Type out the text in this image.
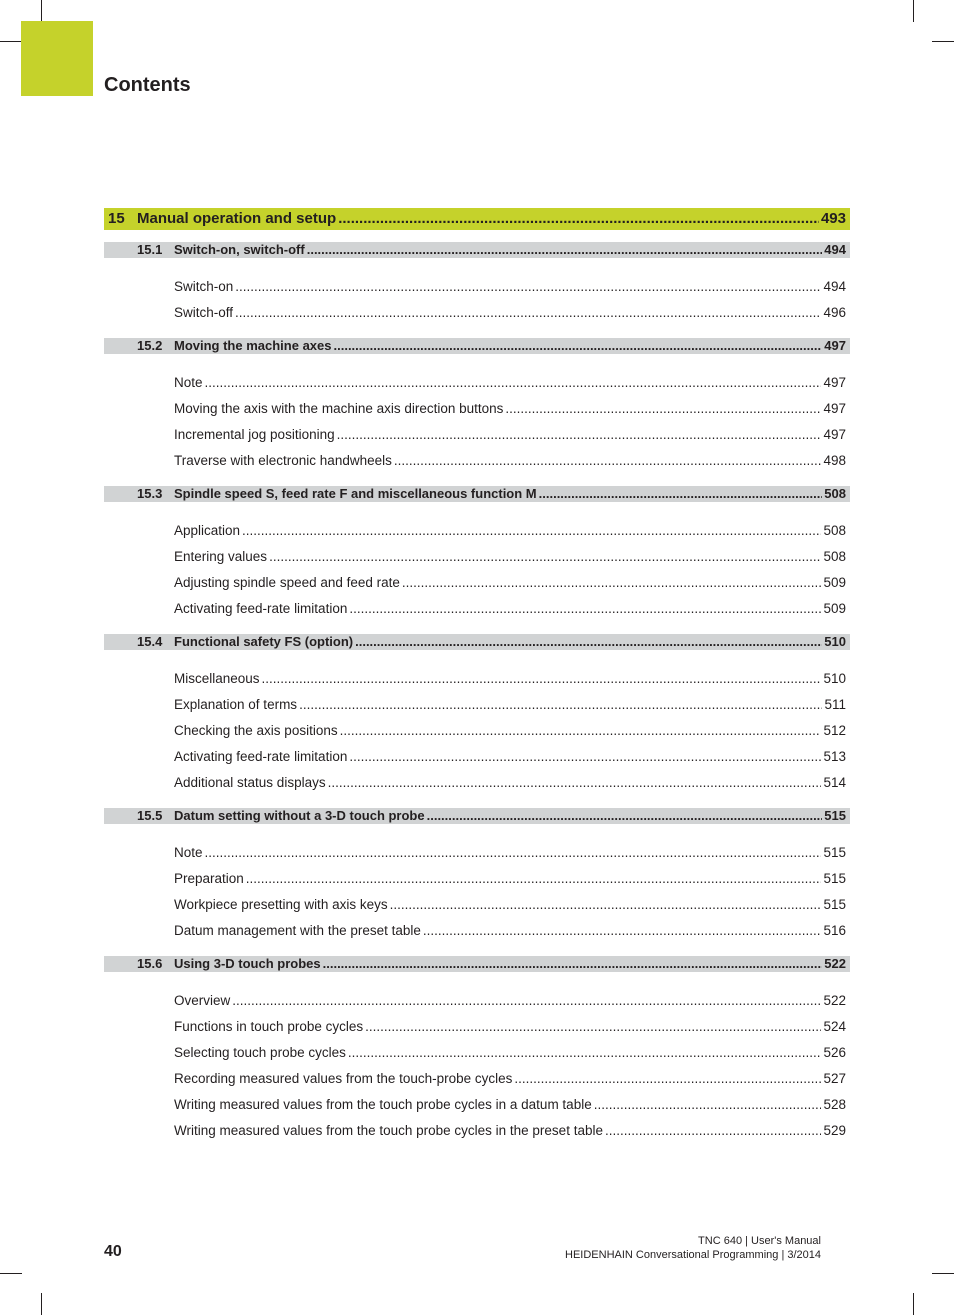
Contents
15 Manual operation and setup .....	493
15.1 Switch-on, switch-off .....	494
Switch-on .....	494
Switch-off .....	496
15.2 Moving the machine axes .....	497
Note .....	497
Moving the axis with the machine axis direction buttons .....	497
Incremental jog positioning .....	497
Traverse with electronic handwheels .....	498
15.3 Spindle speed S, feed rate F and miscellaneous function M .....	508
Application .....	508
Entering values .....	508
Adjusting spindle speed and feed rate .....	509
Activating feed-rate limitation .....	509
15.4 Functional safety FS (option) .....	510
Miscellaneous .....	510
Explanation of terms .....	511
Checking the axis positions .....	512
Activating feed-rate limitation .....	513
Additional status displays .....	514
15.5 Datum setting without a 3-D touch probe .....	515
Note .....	515
Preparation .....	515
Workpiece presetting with axis keys .....	515
Datum management with the preset table .....	516
15.6 Using 3-D touch probes .....	522
Overview .....	522
Functions in touch probe cycles .....	524
Selecting touch probe cycles .....	526
Recording measured values from the touch-probe cycles .....	527
Writing measured values from the touch probe cycles in a datum table .....	528
Writing measured values from the touch probe cycles in the preset table .....	529
40
TNC 640 | User's Manual
HEIDENHAIN Conversational Programming | 3/2014
